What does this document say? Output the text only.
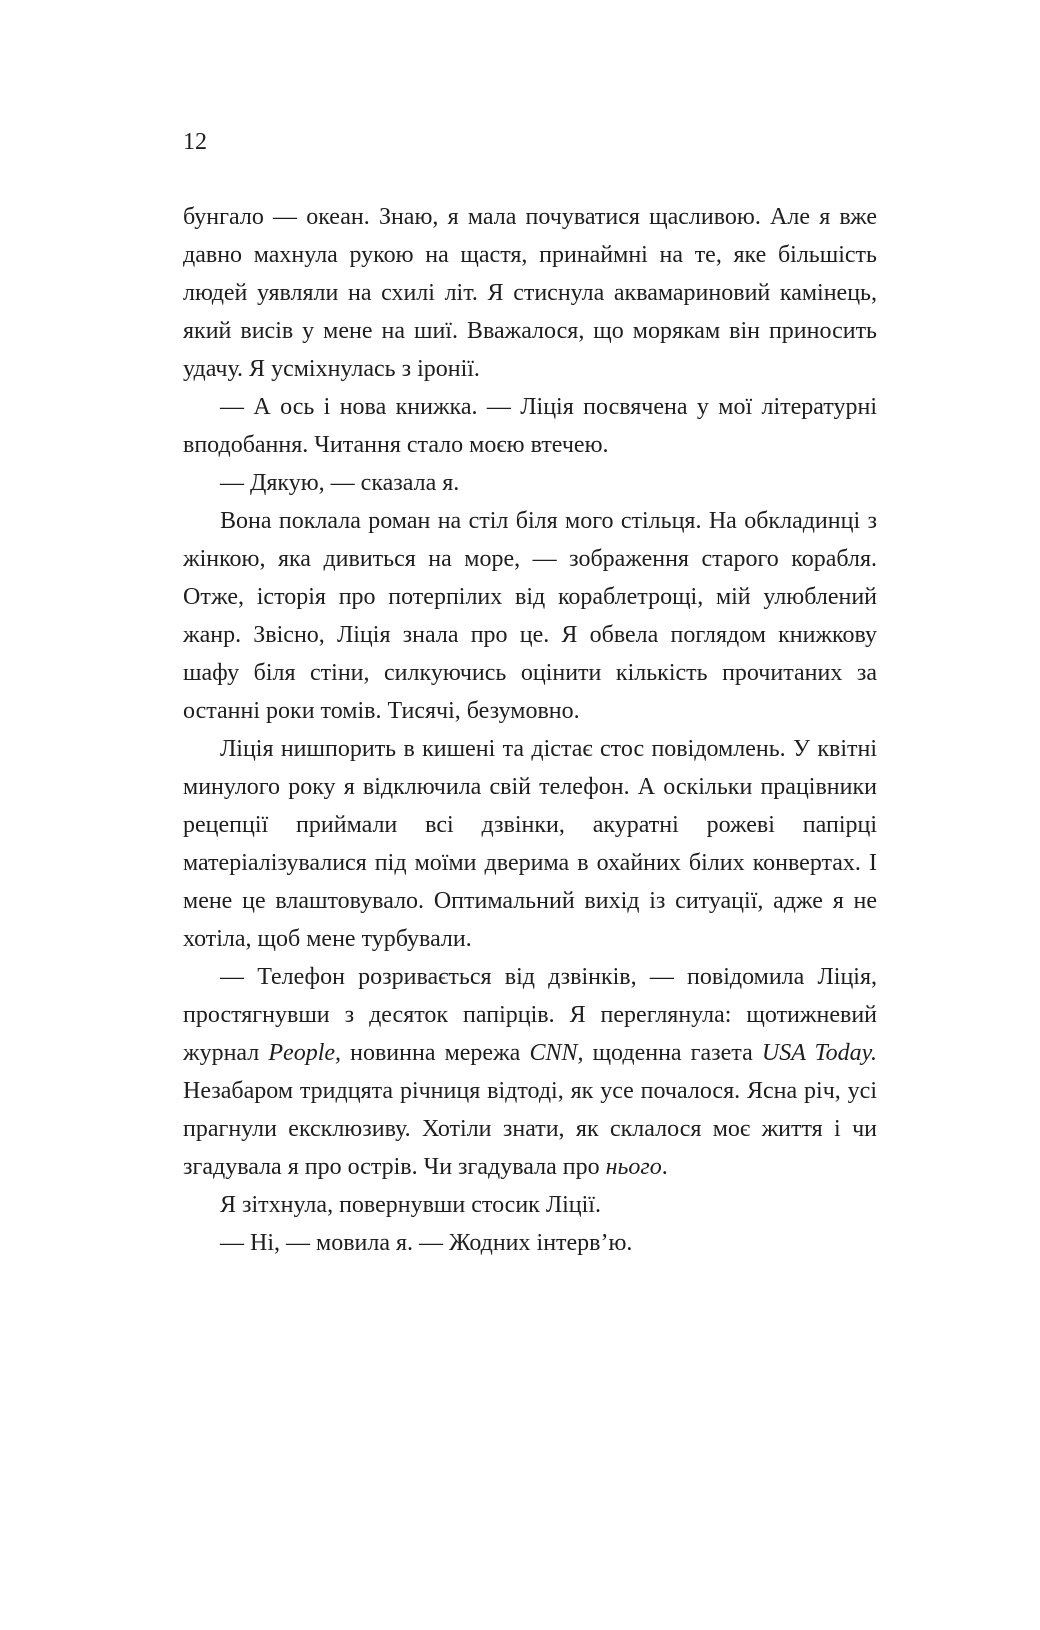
12

бунгало — океан. Знаю, я мала почуватися щасливою. Але я вже давно махнула рукою на щастя, принаймні на те, яке більшість людей уявляли на схилі літ. Я стиснула аквамариновий камінець, який висів у мене на шиї. Вважалося, що морякам він приносить удачу. Я усміхнулась з іронії.

— А ось і нова книжка. — Ліція посвячена у мої літературні вподобання. Читання стало моєю втечею.

— Дякую, — сказала я.

Вона поклала роман на стіл біля мого стільця. На обкладинці з жінкою, яка дивиться на море, — зображення старого корабля. Отже, історія про потерпілих від кораблетрощі, мій улюблений жанр. Звісно, Ліція знала про це. Я обвела поглядом книжкову шафу біля стіни, силкуючись оцінити кількість прочитаних за останні роки томів. Тисячі, безумовно.

Ліція нишпорить в кишені та дістає стос повідомлень. У квітні минулого року я відключила свій телефон. А оскільки працівники рецепції приймали всі дзвінки, акуратні рожеві папірці матеріалізувалися під моїми дверима в охайних білих конвертах. І мене це влаштовувало. Оптимальний вихід із ситуації, адже я не хотіла, щоб мене турбували.

— Телефон розривається від дзвінків, — повідомила Ліція, простягнувши з десяток папірців. Я переглянула: щотижневий журнал People, новинна мережа CNN, щоденна газета USA Today. Незабаром тридцята річниця відтоді, як усе почалося. Ясна річ, усі прагнули ексклюзиву. Хотіли знати, як склалося моє життя і чи згадувала я про острів. Чи згадувала про нього.

Я зітхнула, повернувши стосик Ліції.

— Ні, — мовила я. — Жодних інтерв’ю.
